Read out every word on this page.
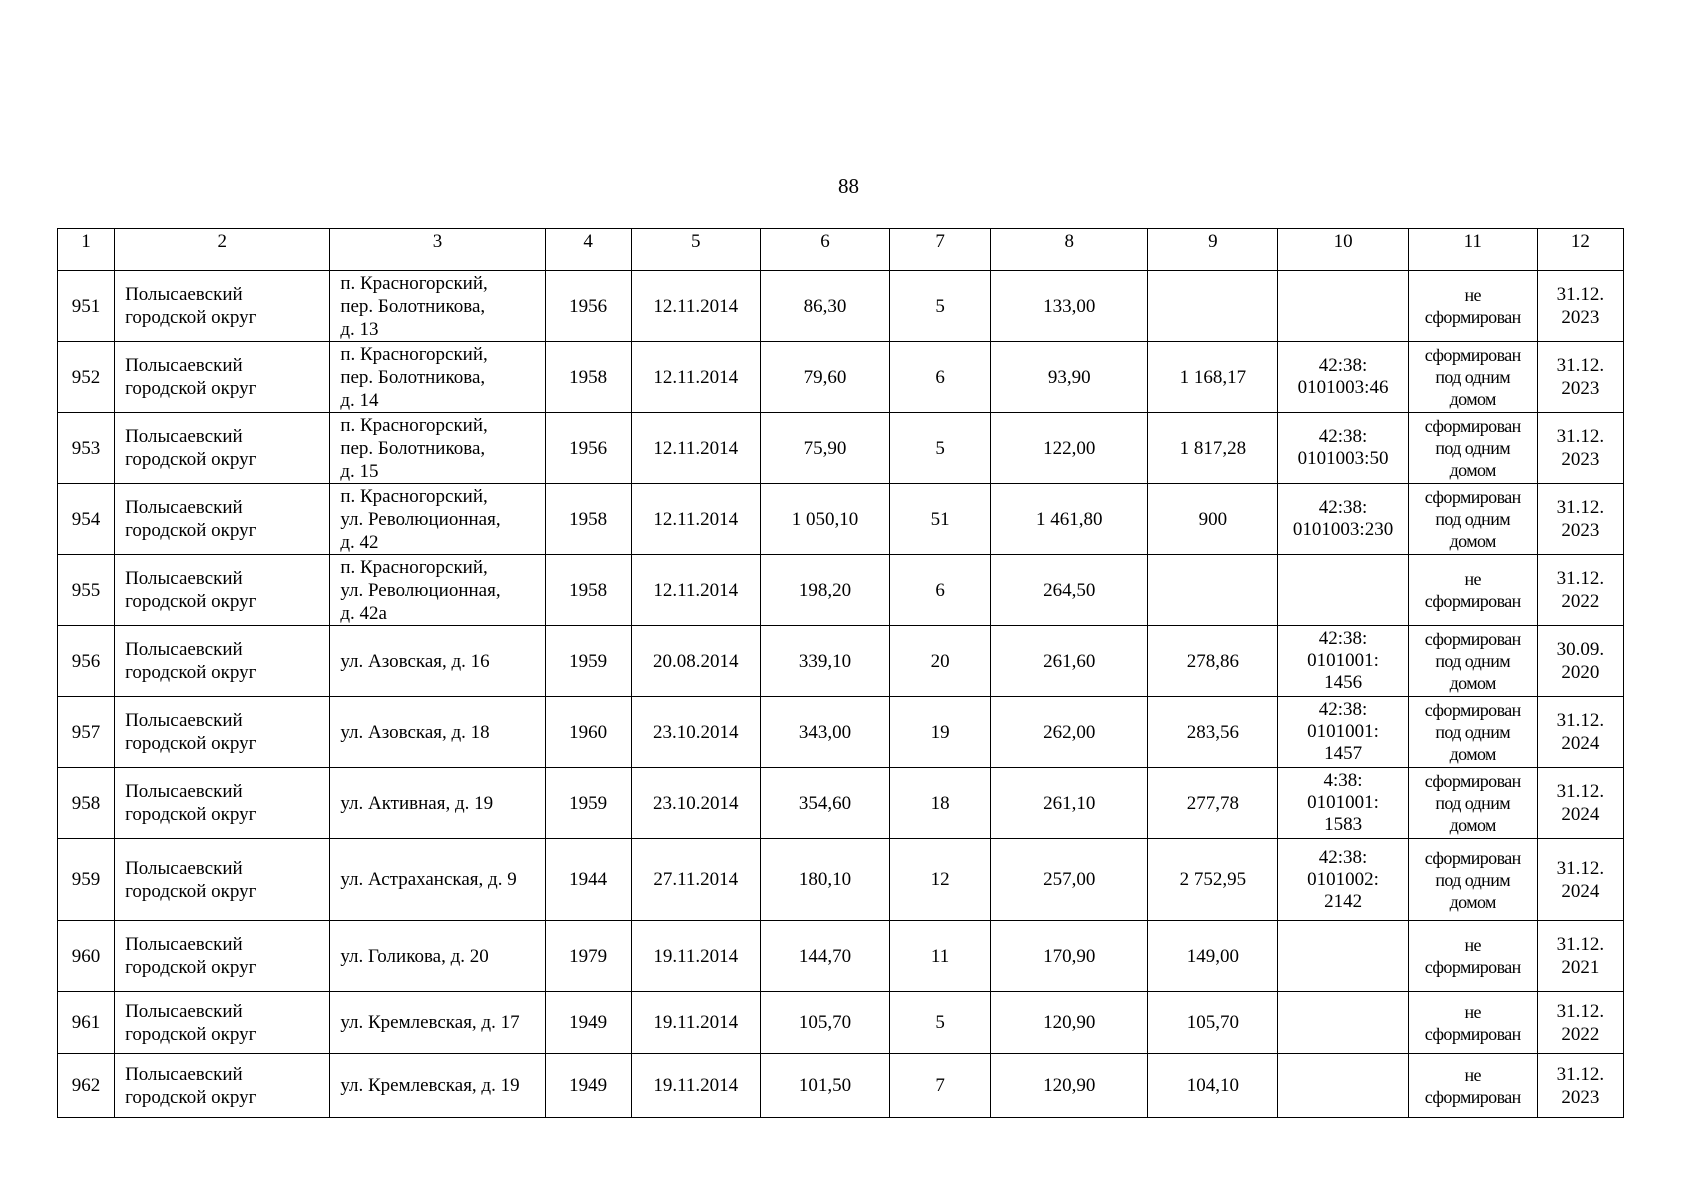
88
1	2	3	4	5	6	7	8	9	10	11	12
951	Полысаевский
городской округ	п. Красногорский,
пер. Болотникова,
д. 13	1956	12.11.2014	86,30	5	133,00			не
сформирован	31.12.
2023
952	Полысаевский
городской округ	п. Красногорский,
пер. Болотникова,
д. 14	1958	12.11.2014	79,60	6	93,90	1 168,17	42:38:
0101003:46	сформирован
под одним
домом	31.12.
2023
953	Полысаевский
городской округ	п. Красногорский,
пер. Болотникова,
д. 15	1956	12.11.2014	75,90	5	122,00	1 817,28	42:38:
0101003:50	сформирован
под одним
домом	31.12.
2023
954	Полысаевский
городской округ	п. Красногорский,
ул. Революционная,
д. 42	1958	12.11.2014	1 050,10	51	1 461,80	900	42:38:
0101003:230	сформирован
под одним
домом	31.12.
2023
955	Полысаевский
городской округ	п. Красногорский,
ул. Революционная,
д. 42а	1958	12.11.2014	198,20	6	264,50			не
сформирован	31.12.
2022
956	Полысаевский
городской округ	ул. Азовская, д. 16	1959	20.08.2014	339,10	20	261,60	278,86	42:38:
0101001:
1456	сформирован
под одним
домом	30.09.
2020
957	Полысаевский
городской округ	ул. Азовская, д. 18	1960	23.10.2014	343,00	19	262,00	283,56	42:38:
0101001:
1457	сформирован
под одним
домом	31.12.
2024
958	Полысаевский
городской округ	ул. Активная, д. 19	1959	23.10.2014	354,60	18	261,10	277,78	4:38:
0101001:
1583	сформирован
под одним
домом	31.12.
2024
959	Полысаевский
городской округ	ул. Астраханская, д. 9	1944	27.11.2014	180,10	12	257,00	2 752,95	42:38:
0101002:
2142	сформирован
под одним
домом	31.12.
2024
960	Полысаевский
городской округ	ул. Голикова, д. 20	1979	19.11.2014	144,70	11	170,90	149,00		не
сформирован	31.12.
2021
961	Полысаевский
городской округ	ул. Кремлевская, д. 17	1949	19.11.2014	105,70	5	120,90	105,70		не
сформирован	31.12.
2022
962	Полысаевский
городской округ	ул. Кремлевская, д. 19	1949	19.11.2014	101,50	7	120,90	104,10		не
сформирован	31.12.
2023
